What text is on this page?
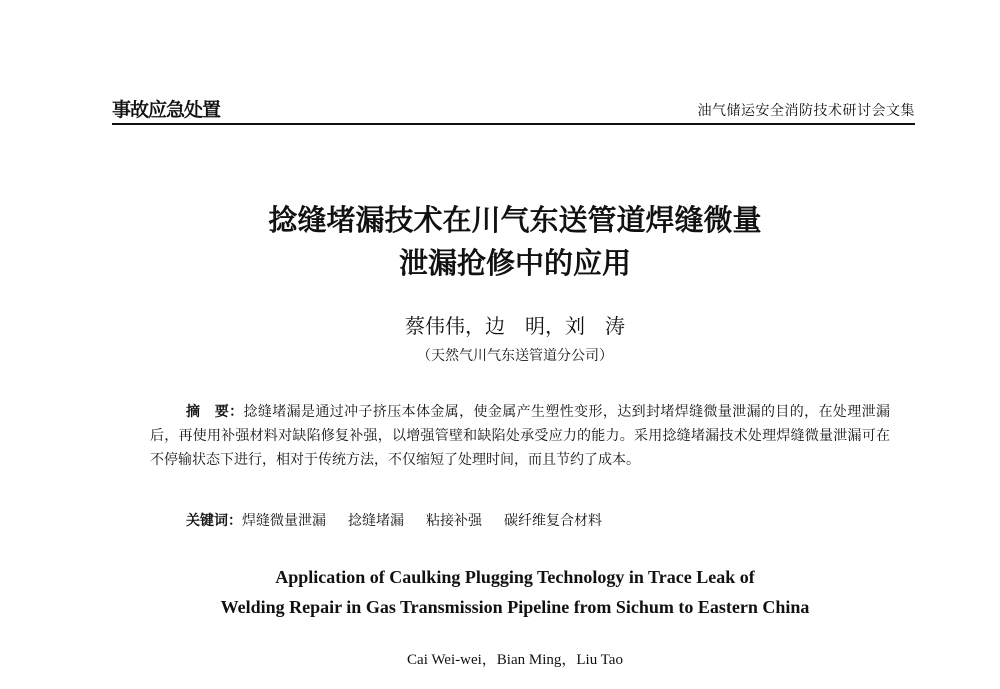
事故应急处置	油气储运安全消防技术研讨会文集
捻缝堵漏技术在川气东送管道焊缝微量
泄漏抢修中的应用
蔡伟伟，边　明，刘　涛
（天然气川气东送管道分公司）
摘　要：捻缝堵漏是通过冲子挤压本体金属，使金属产生塑性变形，达到封堵焊缝微量泄漏的目的，在处理泄漏后，再使用补强材料对缺陷修复补强，以增强管壁和缺陷处承受应力的能力。采用捻缝堵漏技术处理焊缝微量泄漏可在不停输状态下进行，相对于传统方法，不仅缩短了处理时间，而且节约了成本。
关键词：焊缝微量泄漏 捻缝堵漏 粘接补强 碳纤维复合材料
Application of Caulking Plugging Technology in Trace Leak of
Welding Repair in Gas Transmission Pipeline from Sichum to Eastern China
Cai Wei-wei，Bian Ming，Liu Tao
